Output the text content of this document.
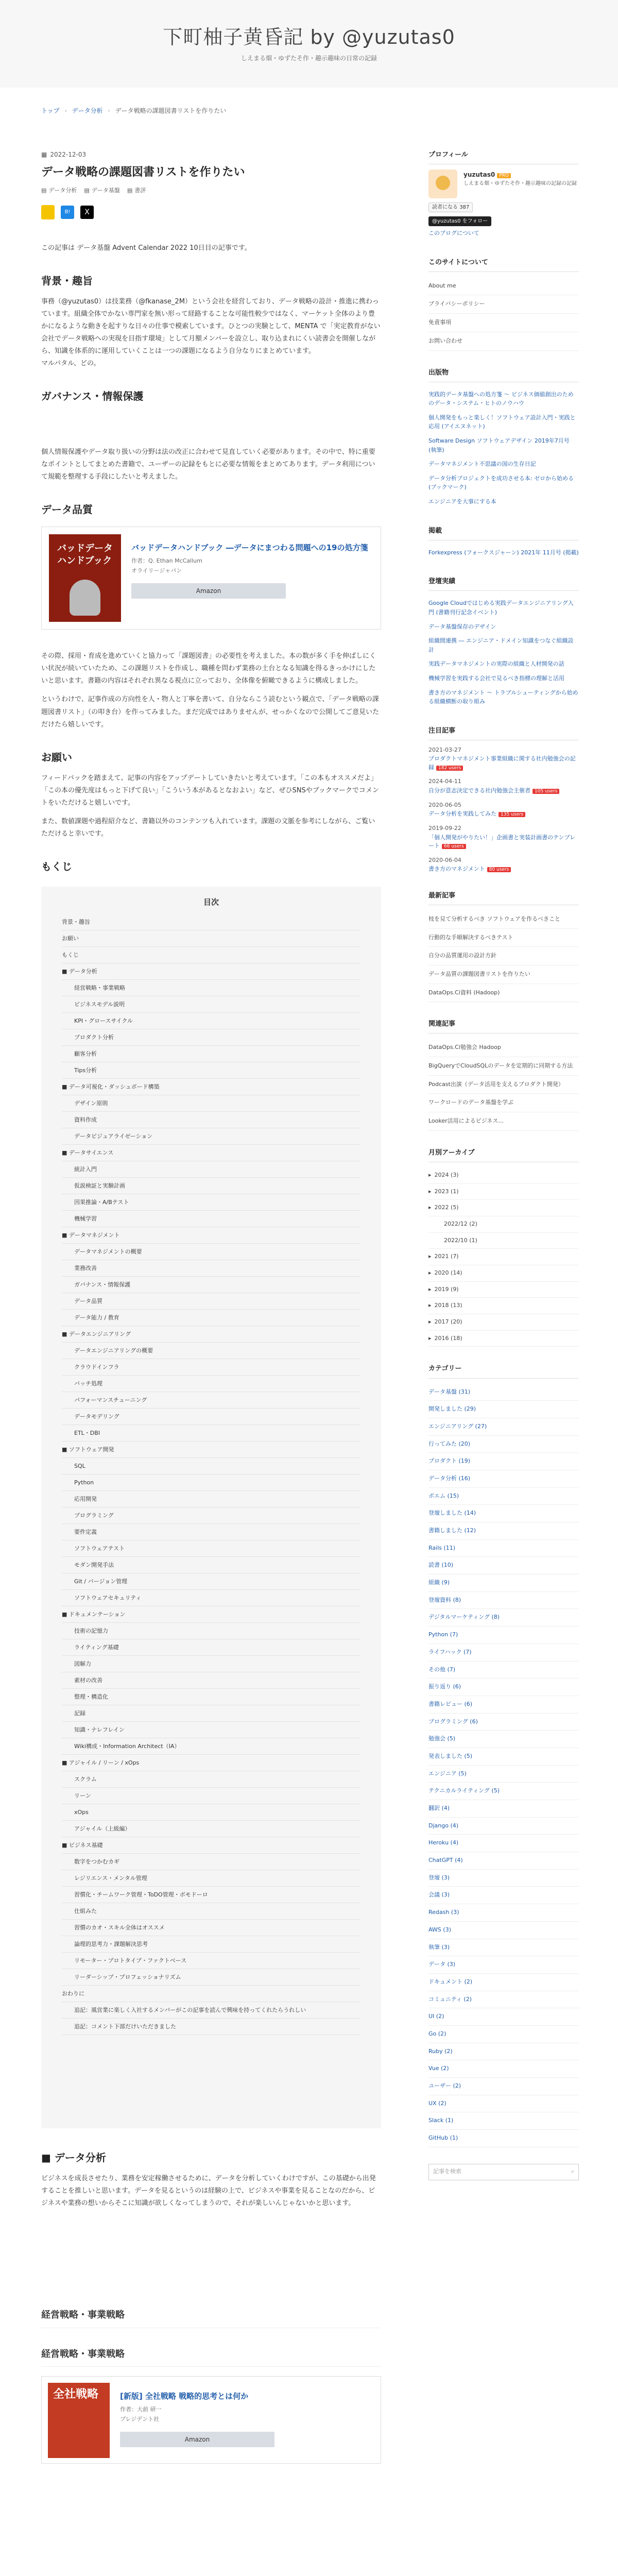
下町柚子黄昏記 by @yuzutas0
しえまる畑・ゆずたそ作・趣示趣味の日常の記録
トップ › データ分析 › データ戦略の課題図書リストを作りたい
▦ 2022-12-03
データ戦略の課題図書リストを作りたい
▤ データ分析 ▤ データ基盤 ▤ 書評
B!	X
この記事は データ基盤 Advent Calendar 2022 10日目の記事です。
背景・趣旨
事務（@yuzutas0）は技業務（@fkanase_2M）という会社を経営しており、データ戦略の設計・推進に携わっています。組織全体でかない専門家を無い形って経路することな可能性較少ではなく、マーケット全体のより豊かになるような動きを起すりな日々の仕事で模索しています。ひとつの実験として、MENTA で「実定教育がない会社でデータ戦略への実現を目指す環境」として月額メンバーを設立し、取り込まれにくい読書会を開催しながら、知識を体系的に運用していくことは一つの課題になるよう自分なりにまとめています。
マルパタル、どの。
ガバナンス・情報保護
個人情報保護やデータ取り扱いの分野は法の改正に合わせて見直していく必要があります。その中で、特に重要なポイントとしてまとめた書籍で、ユーザーの記録をもとに必要な情報をまとめてあります。データ利用について規範を整理する手段にしたいと考えました。
データ品質
バッドデータハンドブック
バッドデータハンドブック ―データにまつわる問題への19の処方箋
作者：Q. Ethan McCallum
オライリージャパン
Amazon
その際、採用・育成を進めていくと協力って「課題図書」の必要性を考えました。本の数が多く手を伸ばしにくい状況が続いていたため、この課題リストを作成し、職種を問わず業務の土台となる知識を得るきっかけにしたいと思います。書籍の内容はそれぞれ異なる視点に立っており、全体像を俯瞰できるように構成しました。
というわけで、記事作成の方向性を人・物人と丁寧を書いて、自分ならこう読むという観点で、「データ戦略の課題図書リスト」（の叩き台）を作ってみました。まだ完成ではありませんが、せっかくなので公開してご意見いただけたら嬉しいです。
お願い
フィードバックを踏まえて、記事の内容をアップデートしていきたいと考えています。「この本もオススメだよ」「この本の優先度はもっと下げて良い」「こういう本があるとなおよい」など、ぜひSNSやブックマークでコメントをいただけると嬉しいです。
また、数値課題や過程紹介など、書籍以外のコンテンツも入れています。課題の文脈を参考にしながら、ご覧いただけると幸いです。
もくじ
目次
背景・趣旨
お願い
もくじ
■ データ分析
経営戦略・事業戦略
ビジネスモデル説明
KPI・グロースサイクル
プロダクト分析
顧客分析
Tips分析
■ データ可視化・ダッシュボード構築
デザイン原則
資料作成
データビジュアライゼーション
■ データサイエンス
統計入門
仮説検証と実験計画
因果推論・A/Bテスト
機械学習
■ データマネジメント
データマネジメントの概要
業務改善
ガバナンス・情報保護
データ品質
データ能力 / 教育
■ データエンジニアリング
データエンジニアリングの概要
クラウドインフラ
バッチ処理
パフォーマンスチューニング
データモデリング
ETL・DBI
■ ソフトウェア開発
SQL
Python
応用開発
プログラミング
要件定義
ソフトウェアテスト
モダン開発手法
Git / バージョン管理
ソフトウェアセキュリティ
■ ドキュメンテーション
技術の記憶力
ライティング基礎
図解力
素材の改善
整理・構造化
記録
知識・ナレフレイン
Wiki構成・Information Architect（IA）
■ アジャイル / リーン / xOps
スクラム
リーン
xOps
アジャイル（上級編）
■ ビジネス基礎
数字をつかむカギ
レジリエンス・メンタル管理
習慣化・チームワーク管理・ToDO管理・ボモドーロ
仕組みた
習慣のカオ・スキル全体はオススメ
論理的思考力・課題解決思考
リモーター・プロトタイプ・ファクトベース
リーダーシップ・プロフェッショナリズム
おわりに
追記：風営業に楽しく入社するメンバーがこの記事を読んで興味を持ってくれたらうれしい
追記：コメント下部だけいただきました
■ データ分析
ビジネスを成長させたり、業務を安定稼働させるために、データを分析していくわけですが、この基礎から出発することを推しいと思います。データを見るというのは経験の上で、ビジネスや事業を見ることなのだから、ビジネスや業務の想いからそこに知識が欲しくなってしまうので、それが楽しいんじゃないかと思います。
経営戦略・事業戦略
経営戦略・事業戦略
全社戦略	[新版] 全社戦略 戦略的思考とは何か
作者：大前 研一
プレジデント社
Amazon
プロフィール
yuzutas0 PRO
しえまる畑・ゆずたそ作・趣示趣味の記録の記録
読者になる 387
@yuzutas0 をフォロー
このブログについて
このサイトについて
About me
プライバシーポリシー
免責事項
お問い合わせ
出版物
実践的データ基盤への処方箋 〜 ビジネス価値創出のためのデータ・システム・ヒトのノウハウ
個人開発をもっと楽しく！ソフトウェア設計入門・実践と応用 (アイエヌネット)
Software Design ソフトウェアデザイン 2019年7月号 (執筆)
データマネジメント不思議の国の生存日記
データ分析プロジェクトを成功させる本: ゼロから始める (ブックマーク)
エンジニアを大事にする本
掲載
Forkexpress (フォークスジャーン) 2021年 11月号 (掲載)
登壇実績
Google Cloudではじめる実践データエンジニアリング入門 (書籍刊行記念イベント)
データ基盤保存のデザイン
組織間連携 ― エンジニア・ドメイン知識をつなぐ組織設計
実践データマネジメントの実際の組織と人材開発の話
機械学習を実践する会社で見るべき指標の理解と活用
書き方のマネジメント 〜 トラブルシューティングから始める組織横断の取り組み
注目記事
2021-03-27
プロダクトマネジメント事業組織に関する社内勉強会の記録 182 users
2024-04-11
自分が意志決定できる社内勉強会主催者 105 users
2020-06-05
データ分析を実践してみた 135 users
2019-09-22
「個人開発がやりたい！」企画書と実装計画書のテンプレート 66 users
2020-06-04
書き方のマネジメント 80 users
最新記事
枝を見て分析するべき ソフトウェアを作るべきこと
行動的な手順解決するべきテスト
自分の品質運用の設計方針
データ品質の課題図書リストを作りたい
DataOps.Ci資料 (Hadoop)
関連記事
DataOps.Ci勉強会 Hadoop
BigQueryでCloudSQLのデータを定期的に同期する方法
Podcast出演（データ活用を支えるプロダクト開発）
ワークロードのデータ基盤を学ぶ
Looker活用によるビジネス...
月別アーカイブ
▸ 2024 (3)
▸ 2023 (1)
▸ 2022 (5)
2022/12 (2)
2022/10 (1)
▸ 2021 (7)
▸ 2020 (14)
▸ 2019 (9)
▸ 2018 (13)
▸ 2017 (20)
▸ 2016 (18)
カテゴリー
データ基盤 (31)
開発しました (29)
エンジニアリング (27)
行ってみた (20)
プロダクト (19)
データ分析 (16)
ポエム (15)
登壇しました (14)
書籍しました (12)
Rails (11)
読書 (10)
組織 (9)
登壇資料 (8)
デジタルマーケティング (8)
Python (7)
ライフハック (7)
その他 (7)
振り返り (6)
書籍レビュー (6)
プログラミング (6)
勉強会 (5)
発表しました (5)
エンジニア (5)
テクニカルライティング (5)
翻訳 (4)
Django (4)
Heroku (4)
ChatGPT (4)
登壇 (3)
会議 (3)
Redash (3)
AWS (3)
執筆 (3)
データ (3)
ドキュメント (2)
コミュニティ (2)
UI (2)
Go (2)
Ruby (2)
Vue (2)
ユーザー (2)
UX (2)
Slack (1)
GitHub (1)
記事を検索	⌕
